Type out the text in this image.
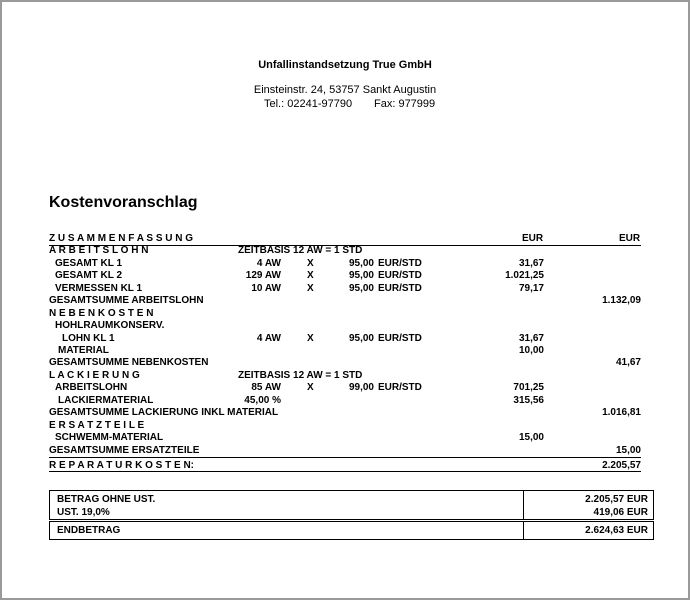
Unfallinstandsetzung True GmbH
Einsteinstr. 24, 53757 Sankt Augustin
Tel.: 02241-97790 Fax: 977999
Kostenvoranschlag
Z U S A M M E N F A S S U N G	EUR	EUR
A R B E I T S L O H N	ZEITBASIS 12 AW = 1 STD
GESAMT KL 1	4 AW	X	95,00 EUR/STD	31,67
GESAMT KL 2	129 AW	X	95,00 EUR/STD	1.021,25
VERMESSEN KL 1	10 AW	X	95,00 EUR/STD	79,17
GESAMTSUMME ARBEITSLOHN	1.132,09
N E B E N K O S T E N
HOHLRAUMKONSERV.
LOHN KL 1	4 AW	X	95,00 EUR/STD	31,67
MATERIAL	10,00
GESAMTSUMME NEBENKOSTEN	41,67
L A C K I E R U N G	ZEITBASIS 12 AW = 1 STD
ARBEITSLOHN	85 AW	X	99,00 EUR/STD	701,25
LACKIERMATERIAL	45,00 %	315,56
GESAMTSUMME LACKIERUNG INKL MATERIAL	1.016,81
E R S A T Z T E I L E
SCHWEMM-MATERIAL	15,00
GESAMTSUMME ERSATZTEILE	15,00
R E P A R A T U R K O S T E N:	2.205,57
BETRAG OHNE UST.	2.205,57 EUR
UST. 19,0%	419,06 EUR
ENDBETRAG	2.624,63 EUR
